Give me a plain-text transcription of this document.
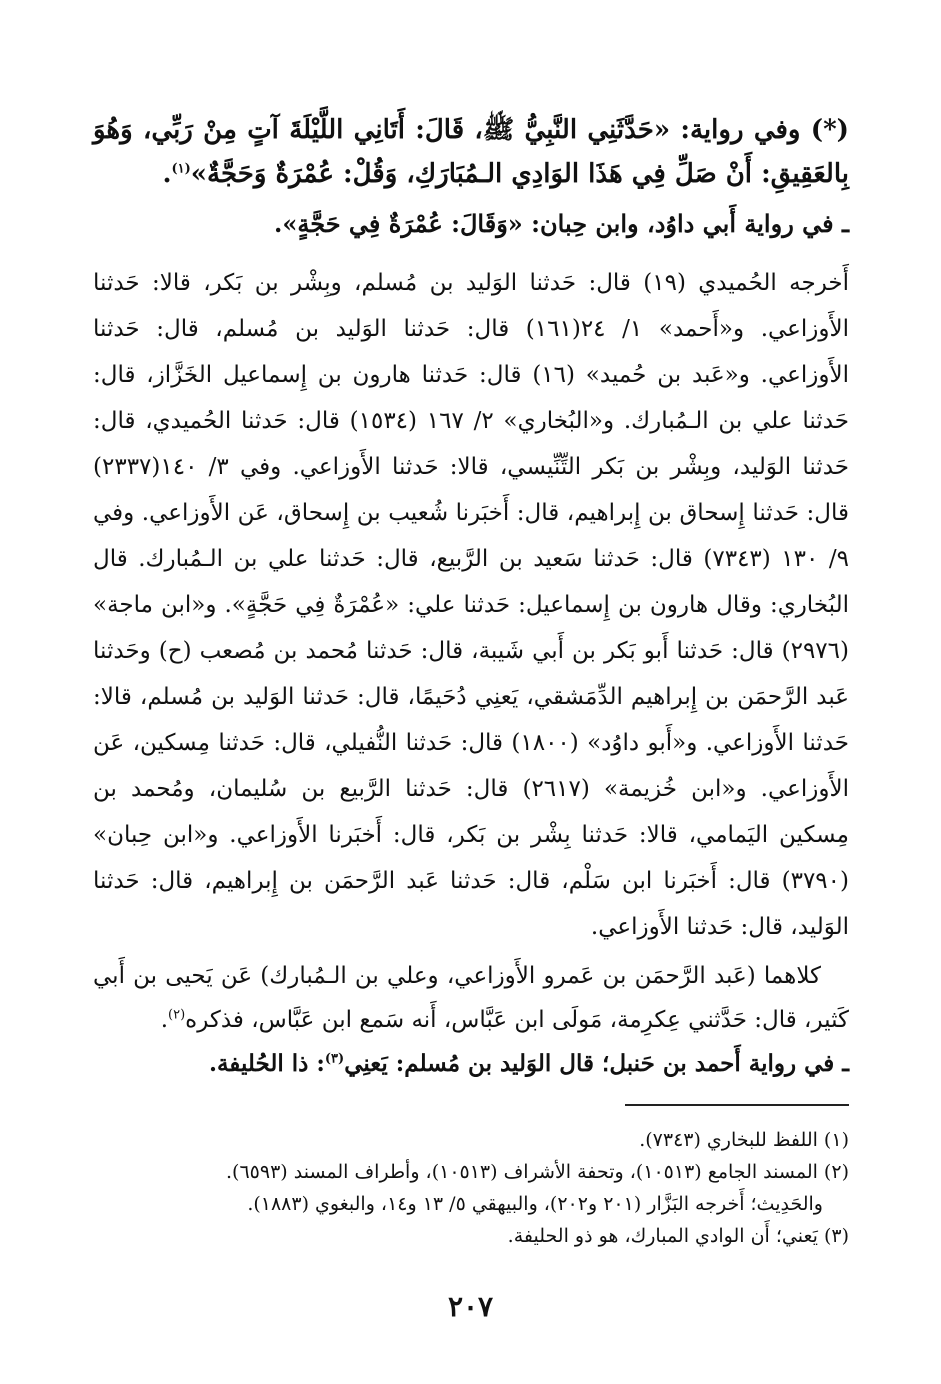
(*) وفي رواية: «حَدَّثَنِي النَّبِيُّ ﷺ، قَالَ: أَتَانِي اللَّيْلَةَ آتٍ مِنْ رَبِّي، وَهُوَ بِالعَقِيقِ: أَنْ صَلِّ فِي هَذَا الوَادِي الـمُبَارَكِ، وَقُلْ: عُمْرَةٌ وَحَجَّةٌ»$^{(١)}$.

ـ في رواية أَبي داوُد، وابن حِبان: «وَقَالَ: عُمْرَةٌ فِي حَجَّةٍ».

أَخرجه الحُميدي (١٩) قال: حَدثنا الوَليد بن مُسلم، وبِشْر بن بَكر، قالا: حَدثنا الأَوزاعي. و«أَحمد» ١/ ٢٤(١٦١) قال: حَدثنا الوَليد بن مُسلم، قال: حَدثنا الأَوزاعي. و«عَبد بن حُميد» (١٦) قال: حَدثنا هارون بن إِسماعيل الخَزَّاز، قال: حَدثنا علي بن الـمُبارك. و«البُخاري» ٢/ ١٦٧ (١٥٣٤) قال: حَدثنا الحُميدي، قال: حَدثنا الوَليد، وبِشْر بن بَكر التِّنِّيسي، قالا: حَدثنا الأَوزاعي. وفي ٣/ ١٤٠(٢٣٣٧) قال: حَدثنا إِسحاق بن إِبراهيم، قال: أَخبَرنا شُعيب بن إِسحاق، عَن الأَوزاعي. وفي ٩/ ١٣٠ (٧٣٤٣) قال: حَدثنا سَعيد بن الرَّبيع، قال: حَدثنا علي بن الـمُبارك. قال البُخاري: وقال هارون بن إِسماعيل: حَدثنا علي: «عُمْرَةٌ فِي حَجَّةٍ». و«ابن ماجة» (٢٩٧٦) قال: حَدثنا أَبو بَكر بن أَبي شَيبة، قال: حَدثنا مُحمد بن مُصعب (ح) وحَدثنا عَبد الرَّحمَن بن إِبراهيم الدِّمَشقي، يَعنِي دُحَيمًا، قال: حَدثنا الوَليد بن مُسلم، قالا: حَدثنا الأَوزاعي. و«أَبو داوُد» (١٨٠٠) قال: حَدثنا النُّفيلي، قال: حَدثنا مِسكين، عَن الأَوزاعي. و«ابن خُزيمة» (٢٦١٧) قال: حَدثنا الرَّبيع بن سُليمان، ومُحمد بن مِسكين اليَمامي، قالا: حَدثنا بِشْر بن بَكر، قال: أَخبَرنا الأَوزاعي. و«ابن حِبان» (٣٧٩٠) قال: أَخبَرنا ابن سَلْم، قال: حَدثنا عَبد الرَّحمَن بن إِبراهيم، قال: حَدثنا الوَليد، قال: حَدثنا الأَوزاعي.

كلاهما (عَبد الرَّحمَن بن عَمرو الأَوزاعي، وعلي بن الـمُبارك) عَن يَحيى بن أَبي كَثير، قال: حَدَّثني عِكرِمة، مَولَى ابن عَبَّاس، أَنه سَمع ابن عَبَّاس، فذكره$^{(٢)}$.

ـ في رواية أَحمد بن حَنبل؛ قال الوَليد بن مُسلم: يَعنِي$^{(٣)}$: ذا الحُليفة.

(١) اللفظ للبخاري (٧٣٤٣).

(٢) المسند الجامع (١٠٥١٣)، وتحفة الأشراف (١٠٥١٣)، وأطراف المسند (٦٥٩٣).

والحَدِيث؛ أَخرجه البَزَّار (٢٠١ و٢٠٢)، والبيهقي ٥/ ١٣ و١٤، والبغوي (١٨٨٣).

(٣) يَعني؛ أَن الوادي المبارك، هو ذو الحليفة.

٢٠٧
